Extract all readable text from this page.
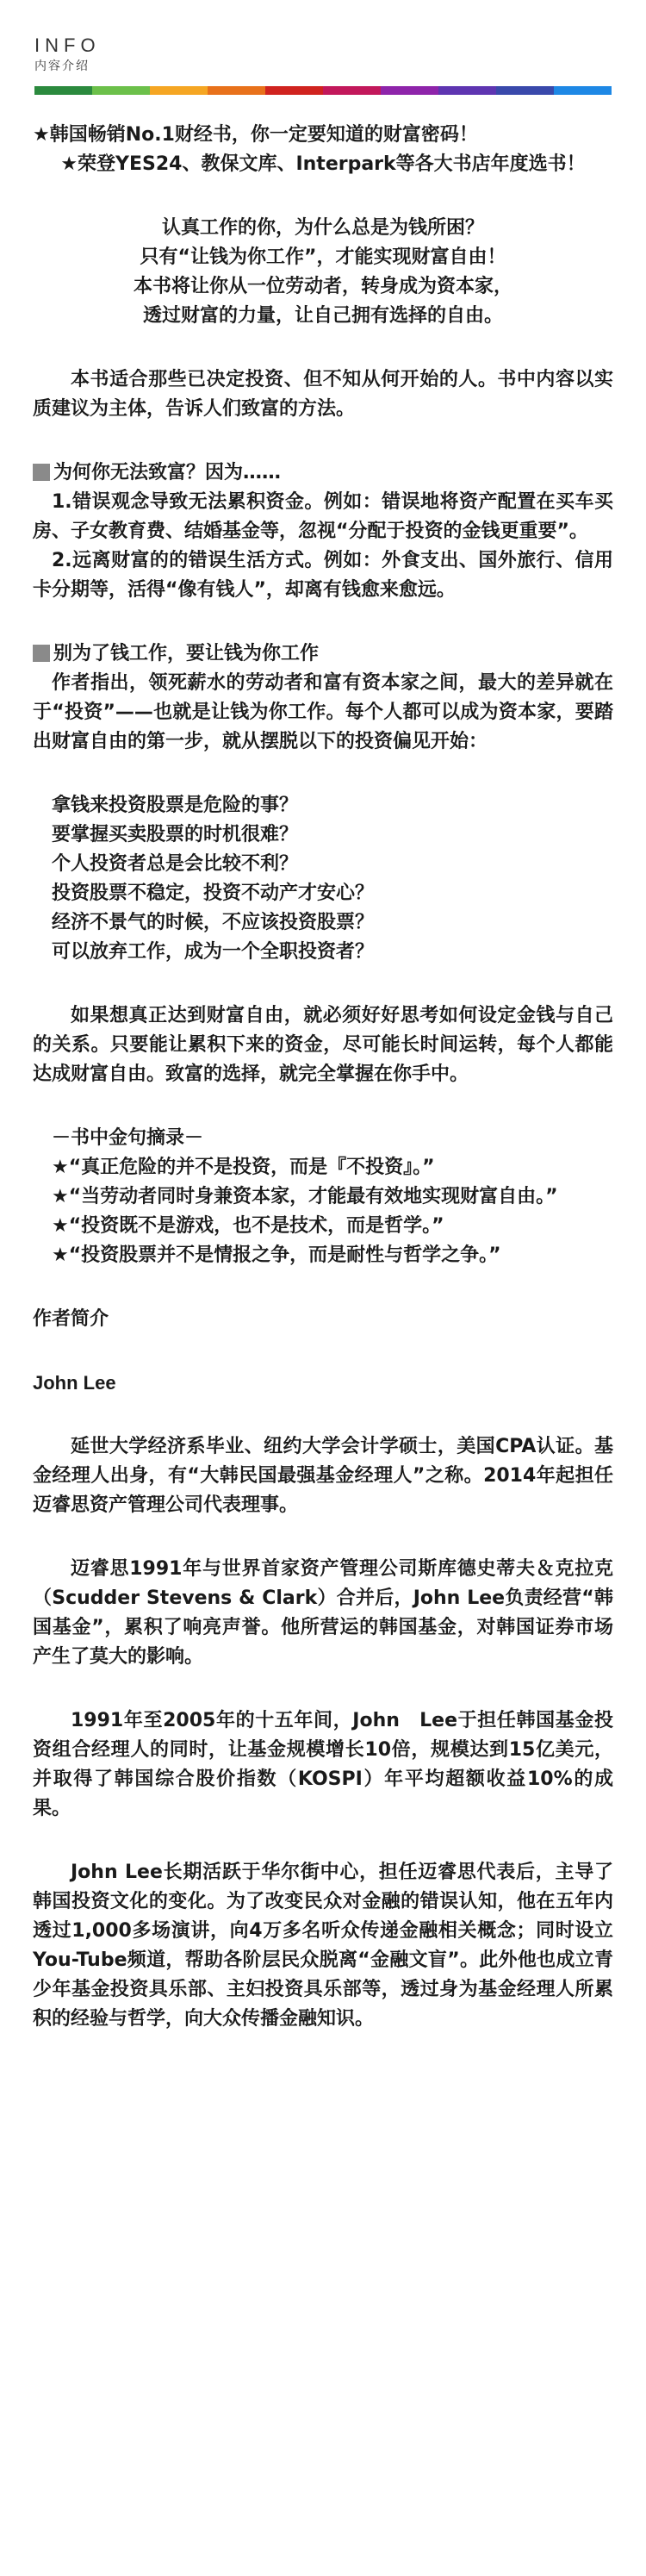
INFO
内容介绍

★韩国畅销No.1财经书，你一定要知道的财富密码！

★荣登YES24、教保文库、Interpark等各大书店年度选书！

认真工作的你，为什么总是为钱所困？

只有“让钱为你工作”，才能实现财富自由！

本书将让你从一位劳动者，转身成为资本家，

透过财富的力量，让自己拥有选择的自由。

本书适合那些已决定投资、但不知从何开始的人。书中内容以实质建议为主体，告诉人们致富的方法。

为何你无法致富？因为……

1.错误观念导致无法累积资金。例如：错误地将资产配置在买车买房、子女教育费、结婚基金等，忽视“分配于投资的金钱更重要”。

2.远离财富的的错误生活方式。例如：外食支出、国外旅行、信用卡分期等，活得“像有钱人”，却离有钱愈来愈远。

别为了钱工作，要让钱为你工作

作者指出，领死薪水的劳动者和富有资本家之间，最大的差异就在于“投资”——也就是让钱为你工作。每个人都可以成为资本家，要踏出财富自由的第一步，就从摆脱以下的投资偏见开始：

拿钱来投资股票是危险的事？

要掌握买卖股票的时机很难？

个人投资者总是会比较不利？

投资股票不稳定，投资不动产才安心？

经济不景气的时候，不应该投资股票？

可以放弃工作，成为一个全职投资者？

如果想真正达到财富自由，就必须好好思考如何设定金钱与自己的关系。只要能让累积下来的资金，尽可能长时间运转，每个人都能达成财富自由。致富的选择，就完全掌握在你手中。

－书中金句摘录－

★“真正危险的并不是投资，而是『不投资』。”

★“当劳动者同时身兼资本家，才能最有效地实现财富自由。”

★“投资既不是游戏，也不是技术，而是哲学。”

★“投资股票并不是情报之争，而是耐性与哲学之争。”

作者简介

John Lee

延世大学经济系毕业、纽约大学会计学硕士，美国CPA认证。基金经理人出身，有“大韩民国最强基金经理人”之称。2014年起担任迈睿思资产管理公司代表理事。

迈睿思1991年与世界首家资产管理公司斯库德史蒂夫＆克拉克（Scudder Stevens & Clark）合并后，John Lee负责经营“韩国基金”，累积了响亮声誉。他所营运的韩国基金，对韩国证券市场产生了莫大的影响。

1991年至2005年的十五年间，John　Lee于担任韩国基金投资组合经理人的同时，让基金规模增长10倍，规模达到15亿美元，并取得了韩国综合股价指数（KOSPI）年平均超额收益10%的成果。

John Lee长期活跃于华尔街中心，担任迈睿思代表后，主导了韩国投资文化的变化。为了改变民众对金融的错误认知，他在五年内透过1,000多场演讲，向4万多名听众传递金融相关概念；同时设立You-Tube频道，帮助各阶层民众脱离“金融文盲”。此外他也成立青少年基金投资具乐部、主妇投资具乐部等，透过身为基金经理人所累积的经验与哲学，向大众传播金融知识。
